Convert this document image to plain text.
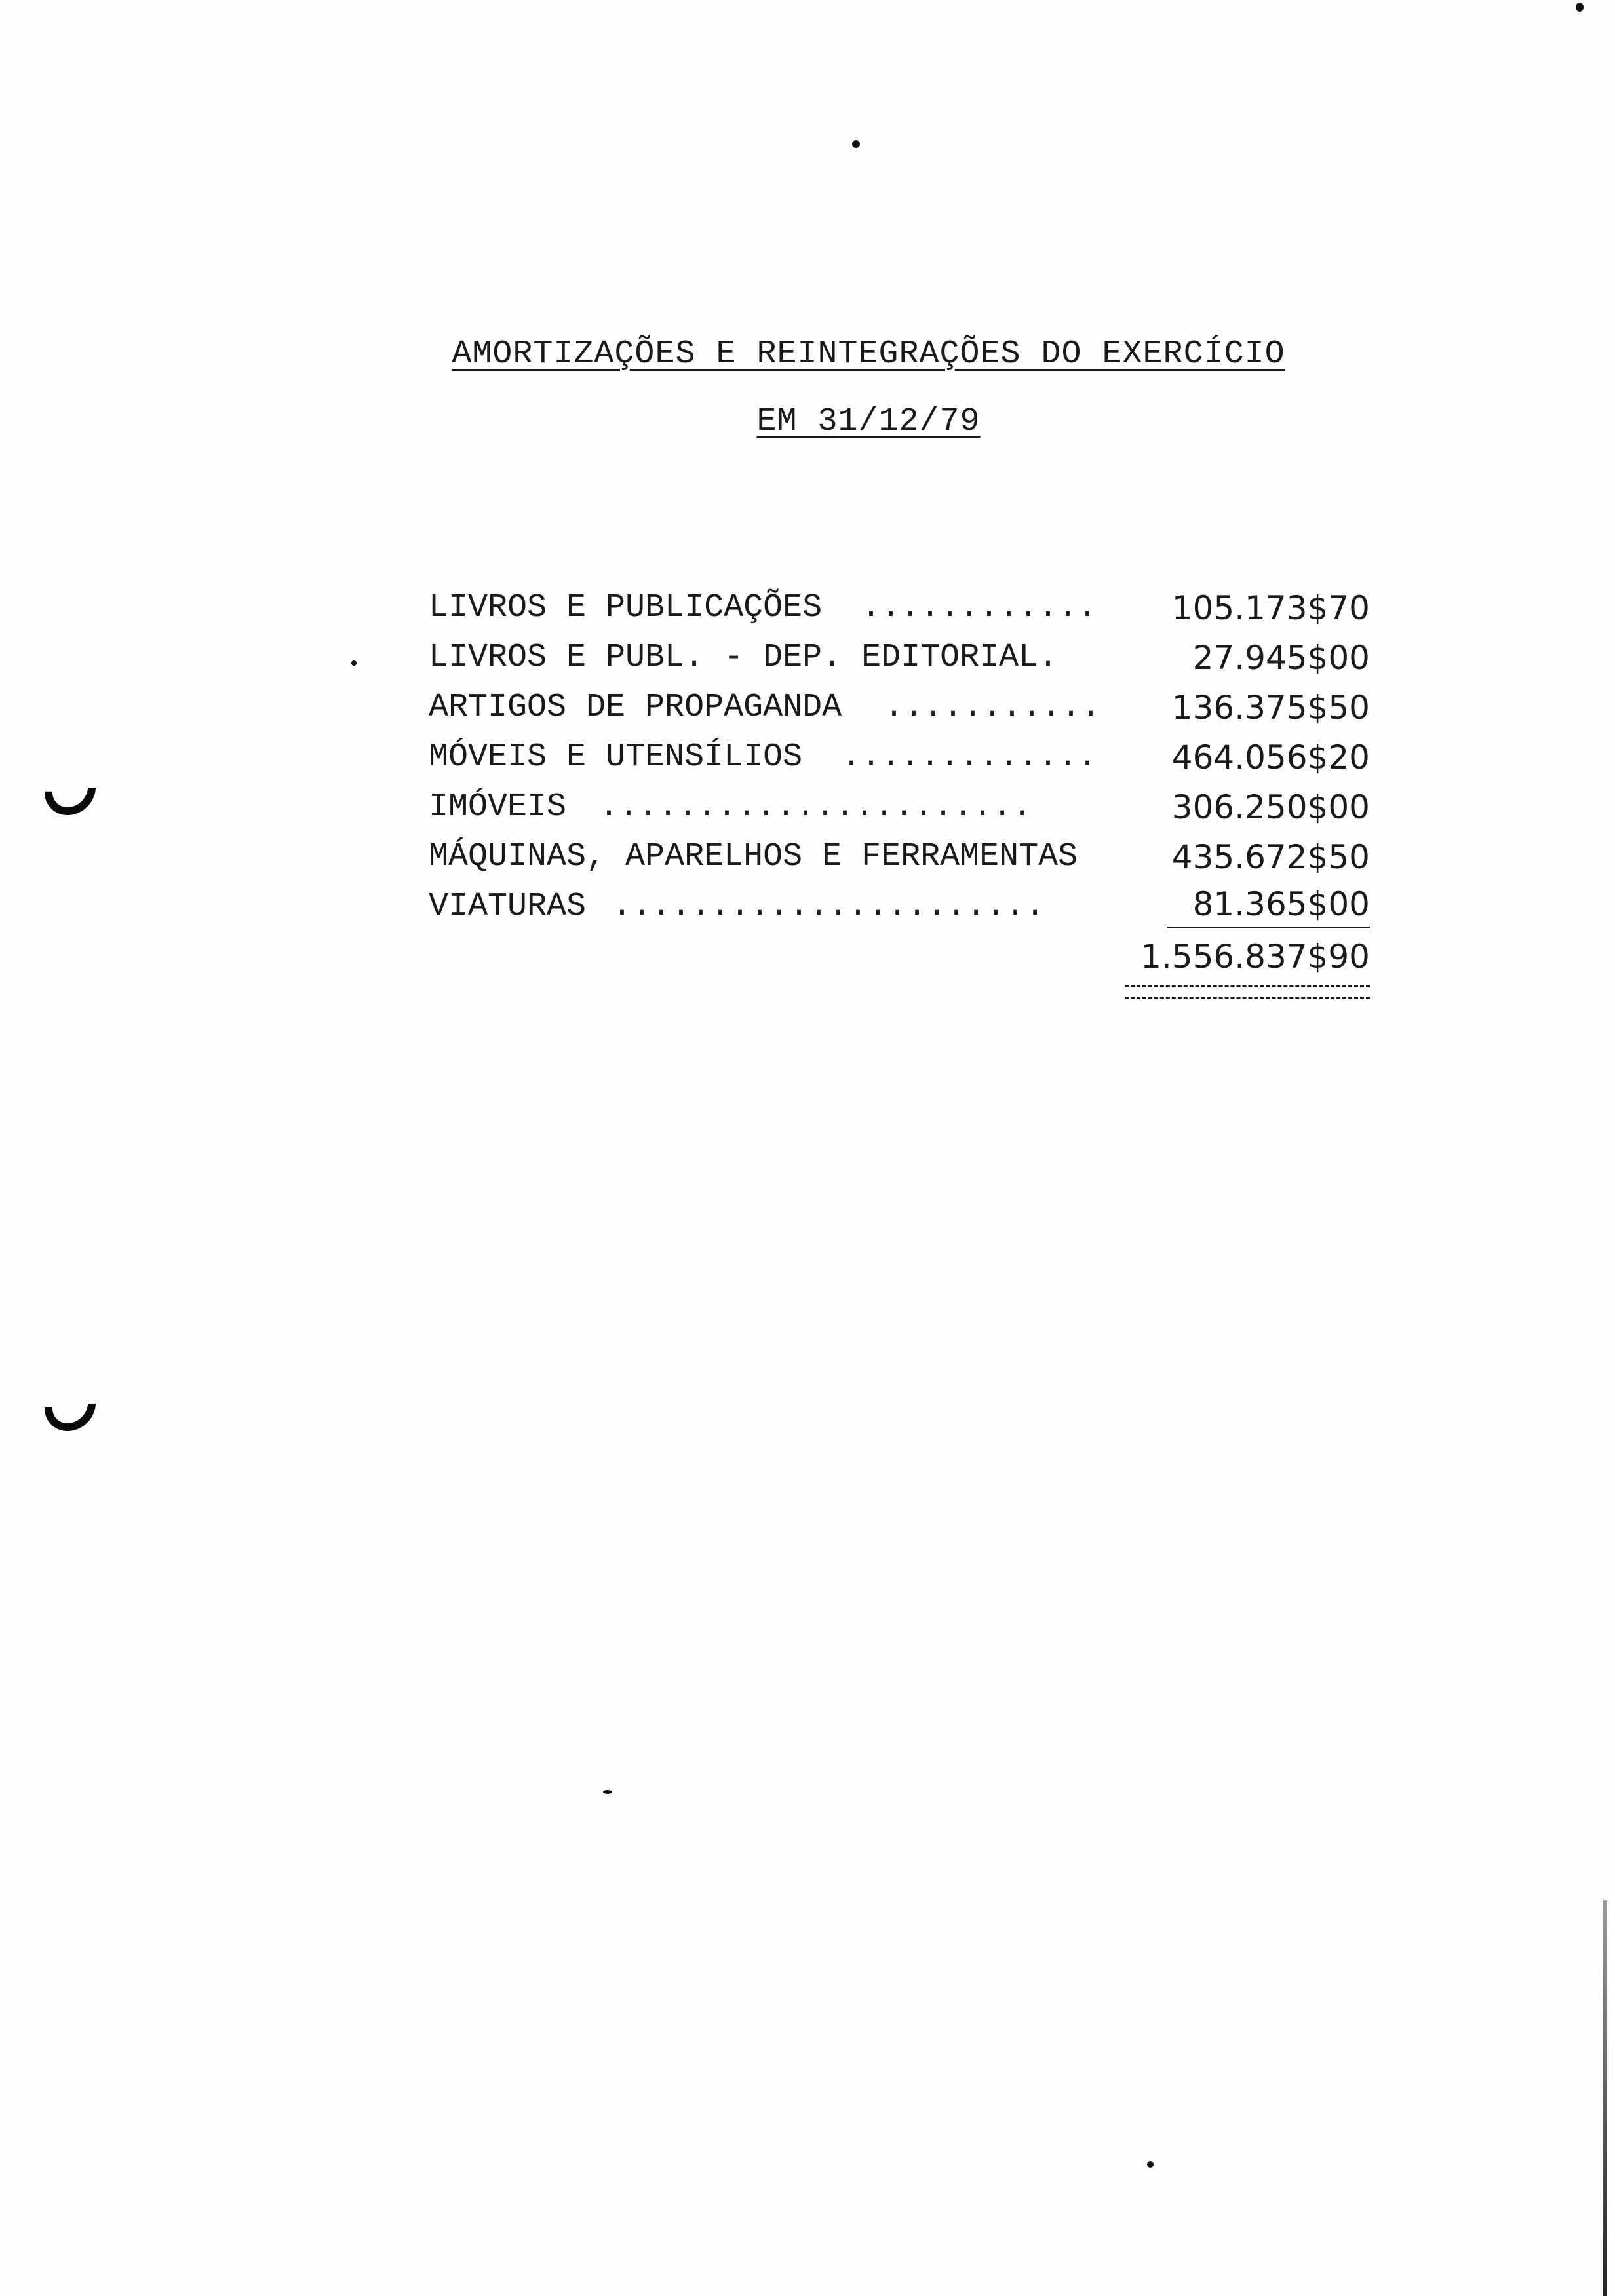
AMORTIZAÇÕES E REINTEGRAÇÕES DO EXERCÍCIO
EM 31/12/79
LIVROS E PUBLICAÇÕES ............ 105.173$70
LIVROS E PUBL. - DEP. EDITORIAL .	27.945$00
ARTIGOS DE PROPAGANDA ........... 136.375$50
MÓVEIS E UTENSÍLIOS ............. 464.056$20
IMÓVEIS ......................	306.250$00
MÁQUINAS, APARELHOS E FERRAMENTAS	435.672$50
VIATURAS ......................	81.365$00
1.556.837$90
